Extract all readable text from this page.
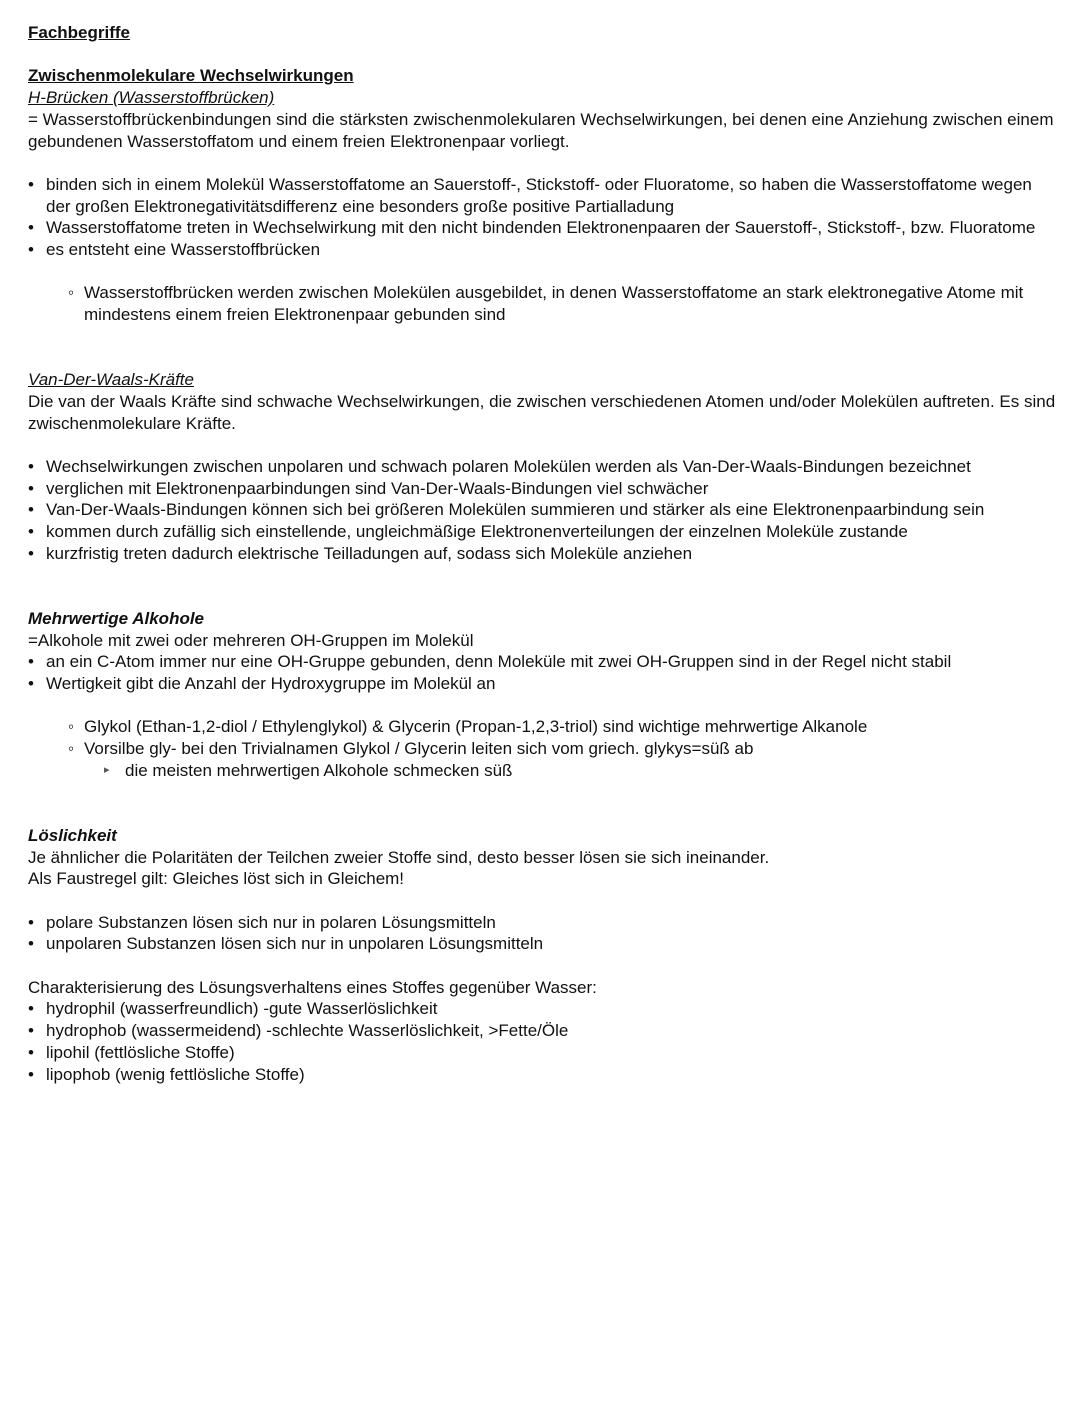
Fachbegriffe
Zwischenmolekulare Wechselwirkungen
H-Brücken (Wasserstoffbrücken)

= Wasserstoffbrückenbindungen sind die stärksten zwischenmolekularen Wechselwirkungen, bei denen eine Anziehung zwischen einem gebundenen Wasserstoffatom und einem freien Elektronenpaar vorliegt.

• binden sich in einem Molekül Wasserstoffatome an Sauerstoff-, Stickstoff- oder Fluoratome, so haben die Wasserstoffatome wegen der großen Elektronegativitätsdifferenz eine besonders große positive Partialladung
• Wasserstoffatome treten in Wechselwirkung mit den nicht bindenden Elektronenpaaren der Sauerstoff-, Stickstoff-, bzw. Fluoratome
• es entsteht eine Wasserstoffbrücken
◦ Wasserstoffbrücken werden zwischen Molekülen ausgebildet, in denen Wasserstoffatome an stark elektronegative Atome mit mindestens einem freien Elektronenpaar gebunden sind
Van-Der-Waals-Kräfte

Die van der Waals Kräfte sind schwache Wechselwirkungen, die zwischen verschiedenen Atomen und/oder Molekülen auftreten. Es sind zwischenmolekulare Kräfte.

• Wechselwirkungen zwischen unpolaren und schwach polaren Molekülen werden als Van-Der-Waals-Bindungen bezeichnet
• verglichen mit Elektronenpaarbindungen sind Van-Der-Waals-Bindungen viel schwächer
• Van-Der-Waals-Bindungen können sich bei größeren Molekülen summieren und stärker als eine Elektronenpaarbindung sein
• kommen durch zufällig sich einstellende, ungleichmäßige Elektronenverteilungen der einzelnen Moleküle zustande
• kurzfristig treten dadurch elektrische Teilladungen auf, sodass sich Moleküle anziehen
Mehrwertige Alkohole

=Alkohole mit zwei oder mehreren OH-Gruppen im Molekül

• an ein C-Atom immer nur eine OH-Gruppe gebunden, denn Moleküle mit zwei OH-Gruppen sind in der Regel nicht stabil
• Wertigkeit gibt die Anzahl der Hydroxygruppe im Molekül an
◦ Glykol (Ethan-1,2-diol / Ethylenglykol) & Glycerin (Propan-1,2,3-triol) sind wichtige mehrwertige Alkanole
◦ Vorsilbe gly- bei den Trivialnamen Glykol / Glycerin leiten sich vom griech. glykys=süß ab
▸ die meisten mehrwertigen Alkohole schmecken süß
Löslichkeit

Je ähnlicher die Polaritäten der Teilchen zweier Stoffe sind, desto besser lösen sie sich ineinander.

Als Faustregel gilt: Gleiches löst sich in Gleichem!

• polare Substanzen lösen sich nur in polaren Lösungsmitteln
• unpolaren Substanzen lösen sich nur in unpolaren Lösungsmitteln

Charakterisierung des Lösungsverhaltens eines Stoffes gegenüber Wasser:

• hydrophil (wasserfreundlich) -gute Wasserlöslichkeit
• hydrophob (wassermeidend) -schlechte Wasserlöslichkeit, >Fette/Öle
• lipohil (fettlösliche Stoffe)
• lipophob (wenig fettlösliche Stoffe)
